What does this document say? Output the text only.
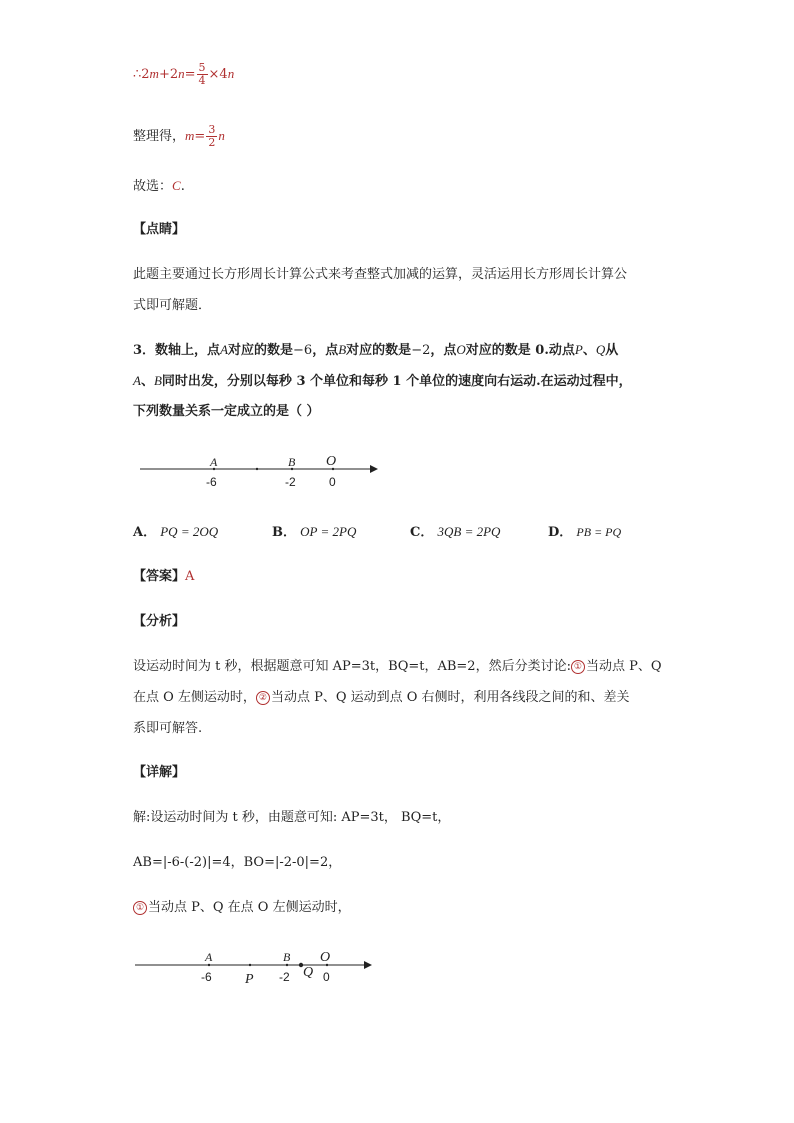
∴2m+2n= $\frac{5}{4} \times 4n$
整理得，$m= \frac{3}{2}$ n
故选：C.
【点睛】
此题主要通过长方形周长计算公式来考查整式加减的运算，灵活运用长方形周长计算公
式即可解题．
3．数轴上，点A对应的数是−6，点B对应的数是−2，点O对应的数是 0.动点P、Q从
A、B同时出发，分别以每秒 3 个单位和每秒 1 个单位的速度向右运动.在运动过程中，
下列数量关系一定成立的是（ ）
A	B O
-6	-2	0
A	B O
P	Q
-6	-2	0
A． PQ = 2OQ	B． OP = 2PQ	C． 3QB = 2PQ	D． PB = PQ
【答案】A
【分析】
设运动时间为 t 秒，根据题意可知 AP=3t，BQ=t，AB=2，然后分类讨论: ① 当动点 P、Q
在点 O 左侧运动时， ② 当动点 P、Q 运动到点 O 右侧时，利用各线段之间的和、差关
系即可解答.
【详解】
解:设运动时间为 t 秒，由题意可知: AP=3t， BQ=t，
AB=|-6-(-2)|=4，BO=|-2-0|=2，
① 当动点 P、Q 在点 O 左侧运动时，
